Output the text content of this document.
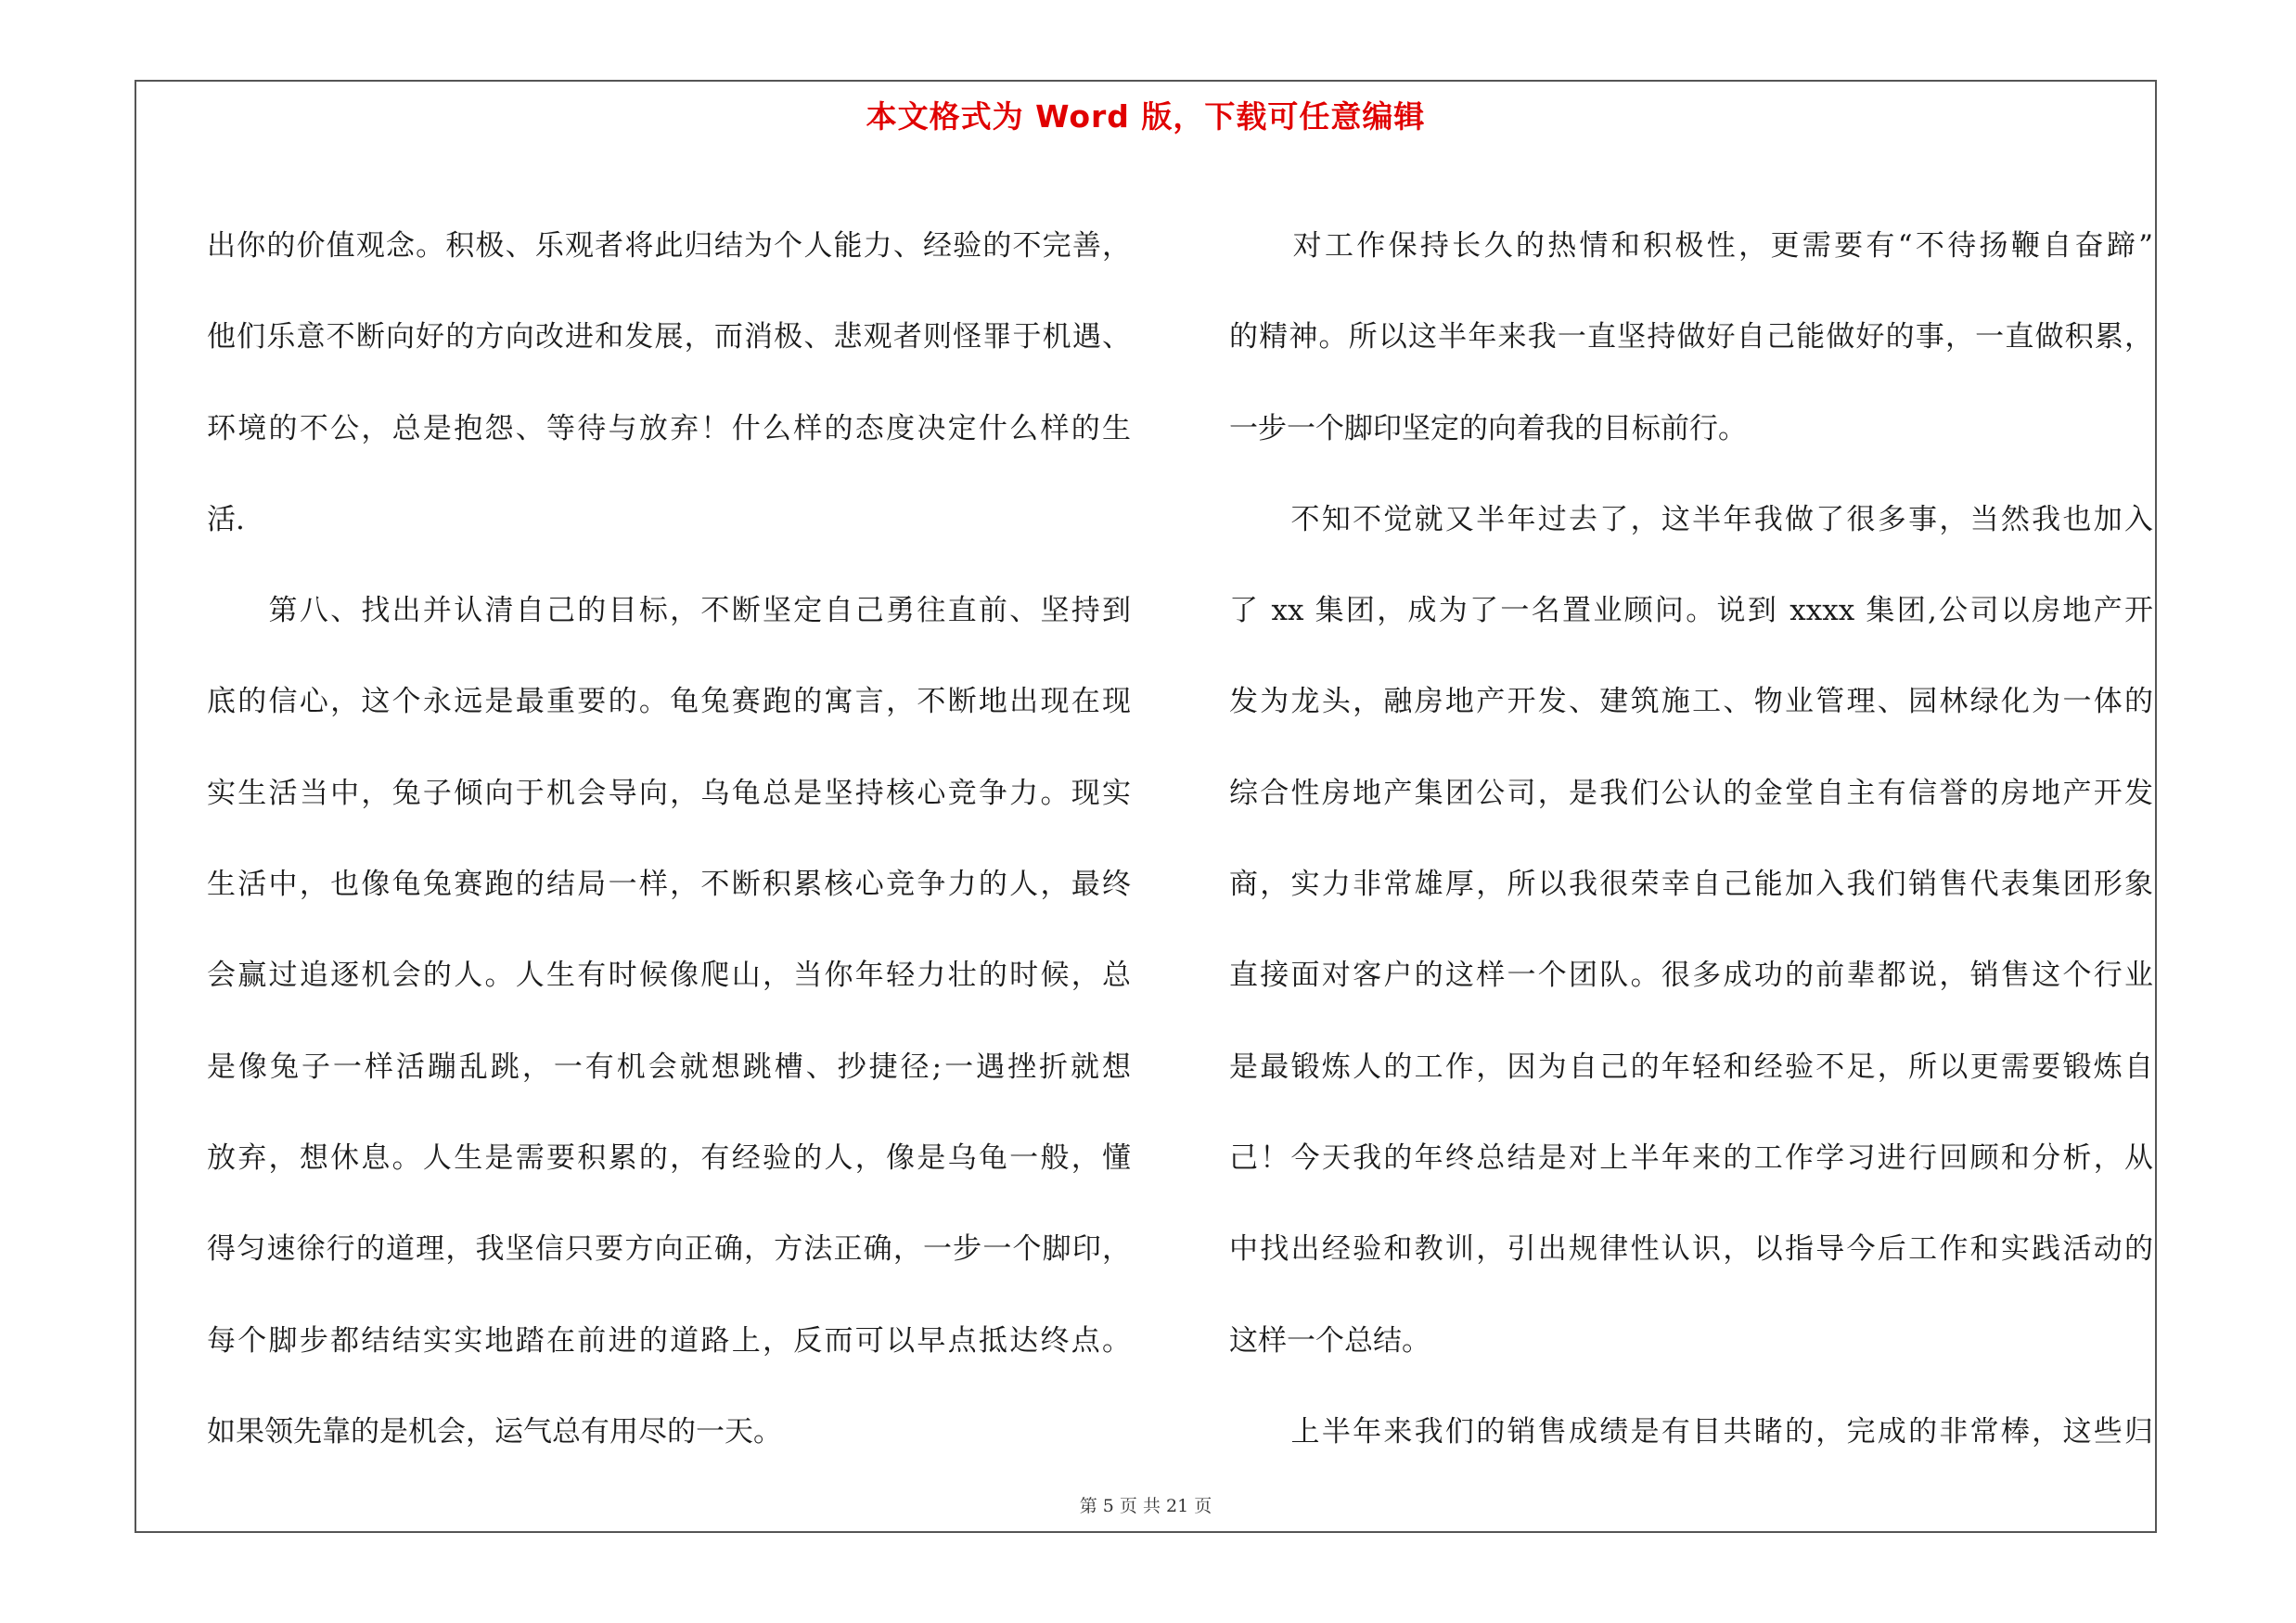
本文格式为 Word 版，下载可任意编辑
出你的价值观念。积极、乐观者将此归结为个人能力、经验的不完善，
他们乐意不断向好的方向改进和发展，而消极、悲观者则怪罪于机遇、
环境的不公，总是抱怨、等待与放弃！什么样的态度决定什么样的生
活.
　　第八、找出并认清自己的目标，不断坚定自己勇往直前、坚持到
底的信心，这个永远是最重要的。龟兔赛跑的寓言，不断地出现在现
实生活当中，兔子倾向于机会导向，乌龟总是坚持核心竞争力。现实
生活中，也像龟兔赛跑的结局一样，不断积累核心竞争力的人，最终
会赢过追逐机会的人。人生有时候像爬山，当你年轻力壮的时候，总
是像兔子一样活蹦乱跳，一有机会就想跳槽、抄捷径;一遇挫折就想
放弃，想休息。人生是需要积累的，有经验的人，像是乌龟一般，懂
得匀速徐行的道理，我坚信只要方向正确，方法正确，一步一个脚印，
每个脚步都结结实实地踏在前进的道路上，反而可以早点抵达终点。
如果领先靠的是机会，运气总有用尽的一天。
　　对工作保持长久的热情和积极性，更需要有“不待扬鞭自奋蹄”
的精神。所以这半年来我一直坚持做好自己能做好的事，一直做积累，
一步一个脚印坚定的向着我的目标前行。
　　不知不觉就又半年过去了，这半年我做了很多事，当然我也加入
了 xx 集团，成为了一名置业顾问。说到 xxxx 集团,公司以房地产开
发为龙头，融房地产开发、建筑施工、物业管理、园林绿化为一体的
综合性房地产集团公司，是我们公认的金堂自主有信誉的房地产开发
商，实力非常雄厚，所以我很荣幸自己能加入我们销售代表集团形象
直接面对客户的这样一个团队。很多成功的前辈都说，销售这个行业
是最锻炼人的工作，因为自己的年轻和经验不足，所以更需要锻炼自
己！今天我的年终总结是对上半年来的工作学习进行回顾和分析，从
中找出经验和教训，引出规律性认识，以指导今后工作和实践活动的
这样一个总结。
　　上半年来我们的销售成绩是有目共睹的，完成的非常棒，这些归
第 5 页 共 21 页
